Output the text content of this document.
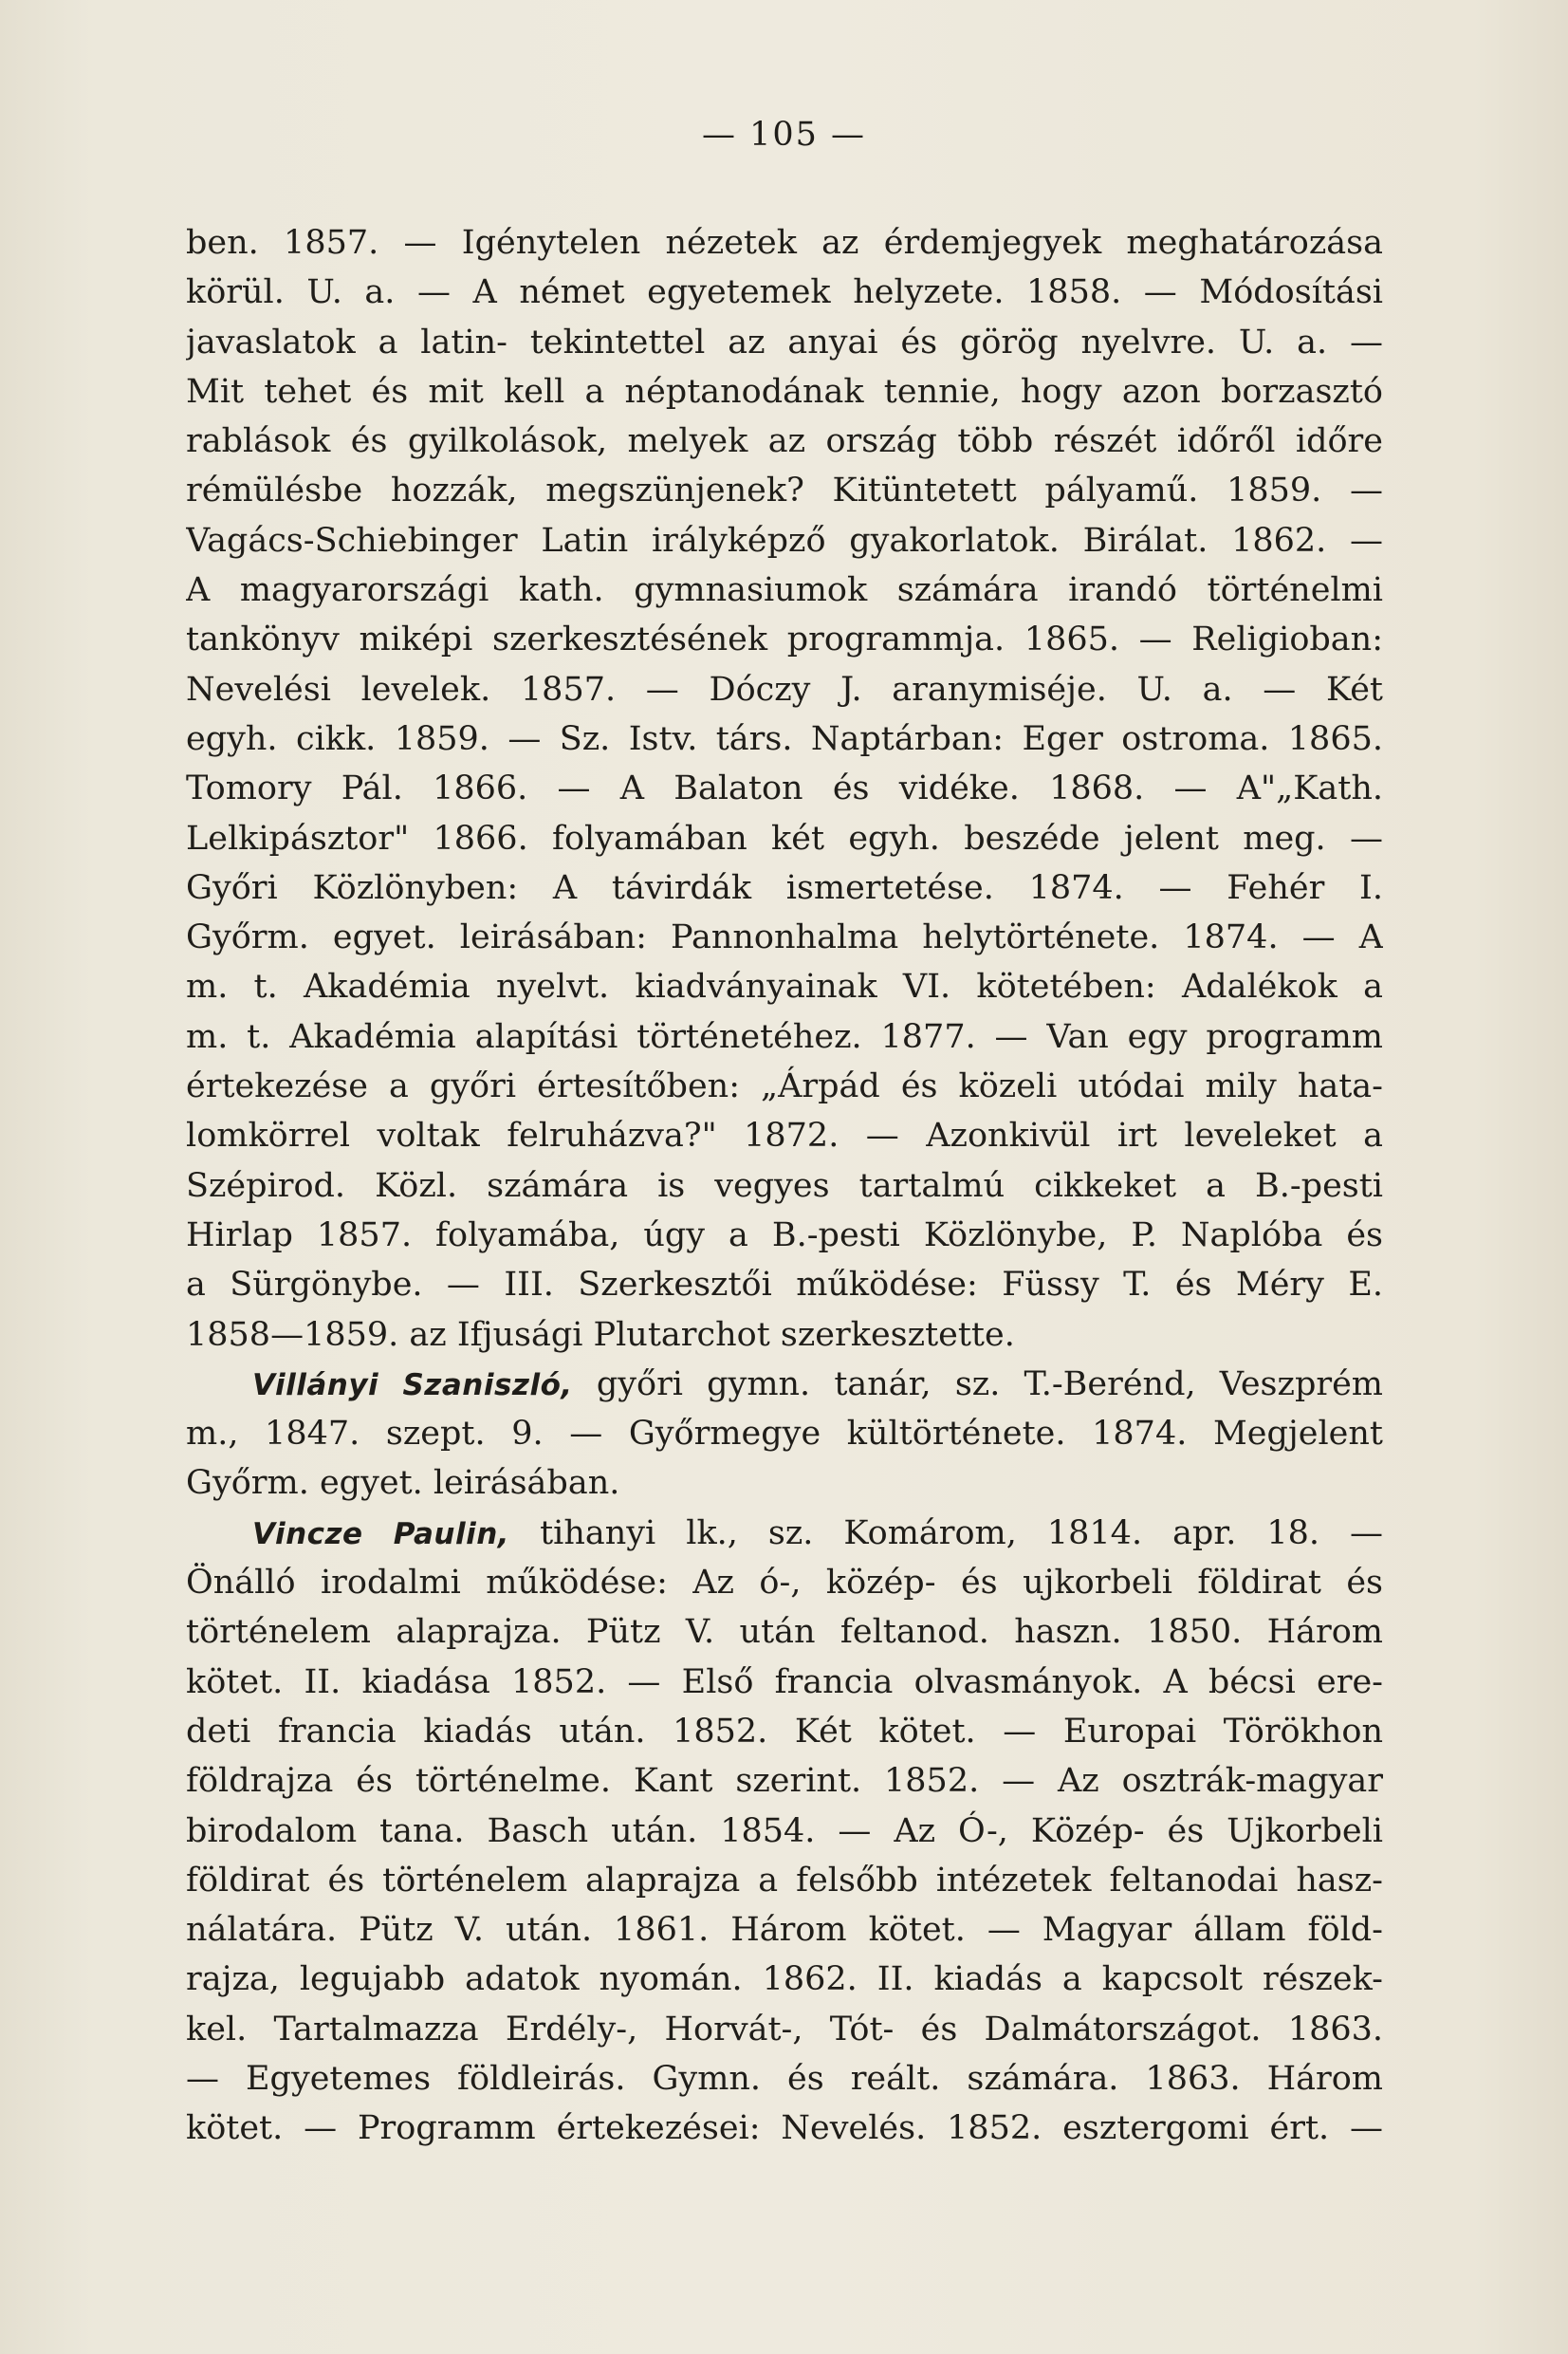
— 105 —
ben. 1857. — Igénytelen nézetek az érdemjegyek meghatározása
körül. U. a. — A német egyetemek helyzete. 1858. — Módosítási
javaslatok a latin- tekintettel az anyai és görög nyelvre. U. a. —
Mit tehet és mit kell a néptanodának tennie, hogy azon borzasztó
rablások és gyilkolások, melyek az ország több részét időről időre
rémülésbe hozzák, megszünjenek? Kitüntetett pályamű. 1859. —
Vagács-Schiebinger Latin irályképző gyakorlatok. Birálat. 1862. —
A magyarországi kath. gymnasiumok számára irandó történelmi
tankönyv miképi szerkesztésének programmja. 1865. — Religioban:
Nevelési levelek. 1857. — Dóczy J. aranymiséje. U. a. — Két
egyh. cikk. 1859. — Sz. Istv. társ. Naptárban: Eger ostroma. 1865.
Tomory Pál. 1866. — A Balaton és vidéke. 1868. — A"„Kath.
Lelkipásztor" 1866. folyamában két egyh. beszéde jelent meg. —
Győri Közlönyben: A távirdák ismertetése. 1874. — Fehér I.
Győrm. egyet. leirásában: Pannonhalma helytörténete. 1874. — A
m. t. Akadémia nyelvt. kiadványainak VI. kötetében: Adalékok a
m. t. Akadémia alapítási történetéhez. 1877. — Van egy programm
értekezése a győri értesítőben: „Árpád és közeli utódai mily hata-
lomkörrel voltak felruházva?" 1872. — Azonkivül irt leveleket a
Szépirod. Közl. számára is vegyes tartalmú cikkeket a B.-pesti
Hirlap 1857. folyamába, úgy a B.-pesti Közlönybe, P. Naplóba és
a Sürgönybe. — III. Szerkesztői működése: Füssy T. és Méry E.
1858—1859. az Ifjusági Plutarchot szerkesztette.
Villányi Szaniszló, győri gymn. tanár, sz. T.-Berénd, Veszprém
m., 1847. szept. 9. — Győrmegye kültörténete. 1874. Megjelent
Győrm. egyet. leirásában.
Vincze Paulin, tihanyi lk., sz. Komárom, 1814. apr. 18. —
Önálló irodalmi működése: Az ó-, közép- és ujkorbeli földirat és
történelem alaprajza. Pütz V. után feltanod. haszn. 1850. Három
kötet. II. kiadása 1852. — Első francia olvasmányok. A bécsi ere-
deti francia kiadás után. 1852. Két kötet. — Europai Törökhon
földrajza és történelme. Kant szerint. 1852. — Az osztrák-magyar
birodalom tana. Basch után. 1854. — Az Ó-, Közép- és Ujkorbeli
földirat és történelem alaprajza a felsőbb intézetek feltanodai hasz-
nálatára. Pütz V. után. 1861. Három kötet. — Magyar állam föld-
rajza, legujabb adatok nyomán. 1862. II. kiadás a kapcsolt részek-
kel. Tartalmazza Erdély-, Horvát-, Tót- és Dalmátországot. 1863.
— Egyetemes földleirás. Gymn. és reált. számára. 1863. Három
kötet. — Programm értekezései: Nevelés. 1852. esztergomi ért. —
